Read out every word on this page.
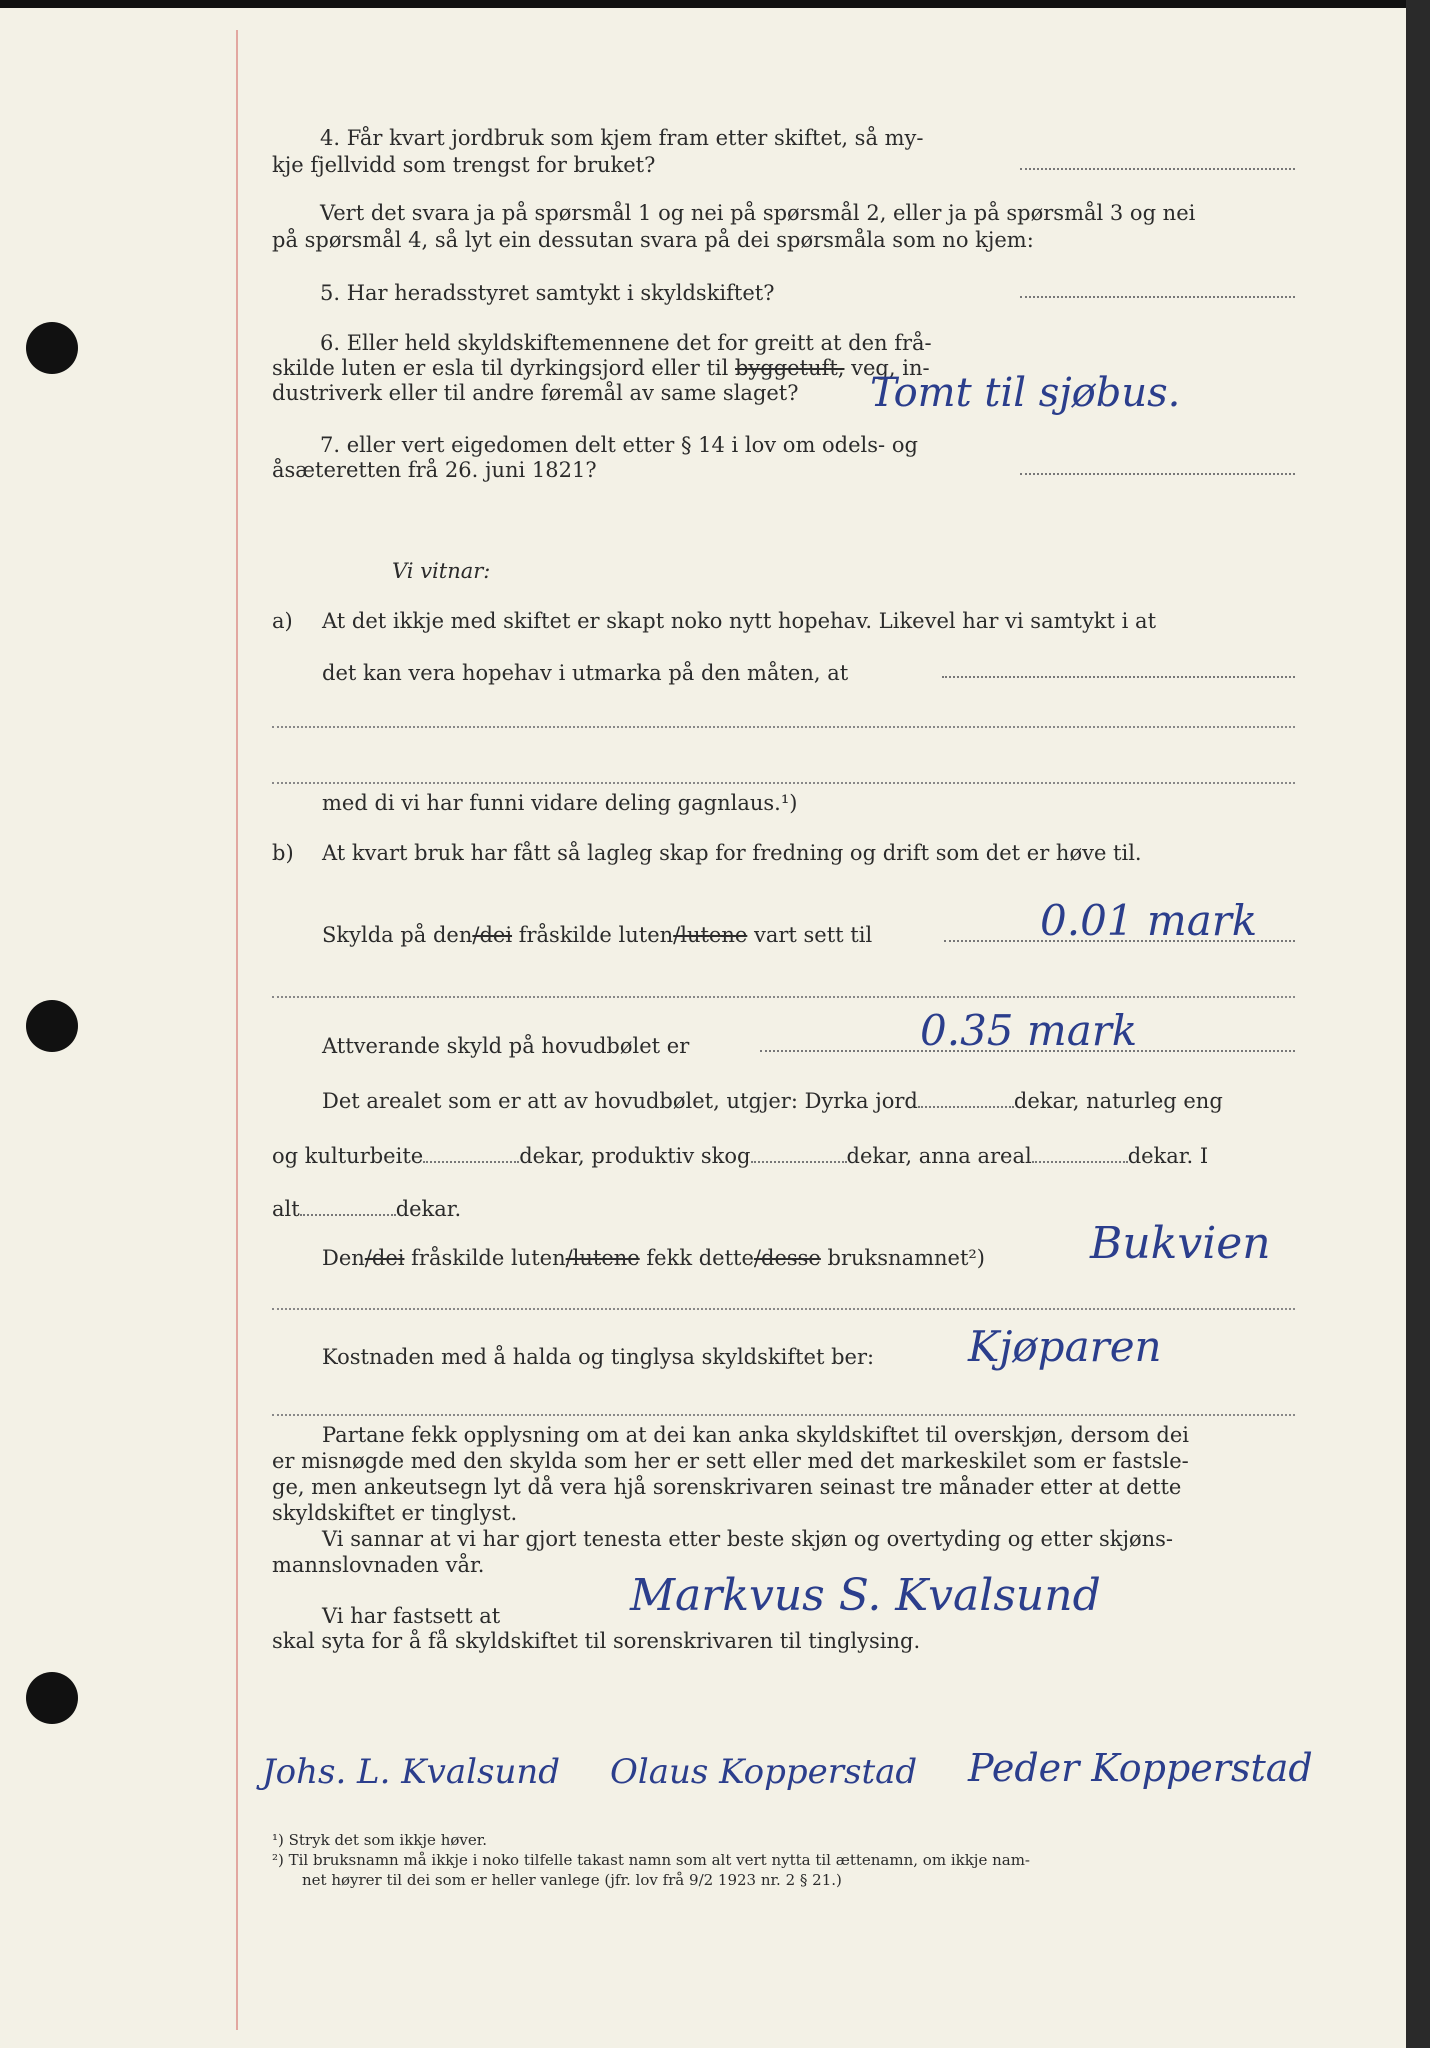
4. Får kvart jordbruk som kjem fram etter skiftet, så my-
kje fjellvidd som trengst for bruket?
Vert det svara ja på spørsmål 1 og nei på spørsmål 2, eller ja på spørsmål 3 og nei
på spørsmål 4, så lyt ein dessutan svara på dei spørsmåla som no kjem:
5. Har heradsstyret samtykt i skyldskiftet?
6. Eller held skyldskiftemennene det for greitt at den frå-
skilde luten er esla til dyrkingsjord eller til byggetuft, veg, in-
dustriverk eller til andre føremål av same slaget? Tomt til sjøbus.
7. eller vert eigedomen delt etter § 14 i lov om odels- og
åsæteretten frå 26. juni 1821?
Vi vitnar:
a) At det ikkje med skiftet er skapt noko nytt hopehav. Likevel har vi samtykt i at
det kan vera hopehav i utmarka på den måten, at
med di vi har funni vidare deling gagnlaus.¹)
b) At kvart bruk har fått så lagleg skap for fredning og drift som det er høve til.
Skylda på den/dei fråskilde luten/lutene vart sett til	0.01 mark
Attverande skyld på hovudbølet er	0.35 mark
Det arealet som er att av hovudbølet, utgjer: Dyrka jord	dekar, naturleg eng
og kulturbeite	dekar, produktiv skog	dekar, anna areal	dekar. I
alt	dekar.
Den/dei fråskilde luten/lutene fekk dette/desse bruksnamnet²) Bukvien
Kostnaden med å halda og tinglysa skyldskiftet ber: Kjøparen
Partane fekk opplysning om at dei kan anka skyldskiftet til overskjøn, dersom dei
er misnøgde med den skylda som her er sett eller med det markeskilet som er fastsle-
ge, men ankeutsegn lyt då vera hjå sorenskrivaren seinast tre månader etter at dette
skyldskiftet er tinglyst.
Vi sannar at vi har gjort tenesta etter beste skjøn og overtyding og etter skjøns-
mannslovnaden vår.
Vi har fastsett at	Markvus S. Kvalsund
skal syta for å få skyldskiftet til sorenskrivaren til tinglysing.
Johs. L. Kvalsund Olaus Kopperstad Peder Kopperstad
¹) Stryk det som ikkje høver.
²) Til bruksnamn må ikkje i noko tilfelle takast namn som alt vert nytta til ættenamn, om ikkje nam-
net høyrer til dei som er heller vanlege (jfr. lov frå 9/2 1923 nr. 2 § 21.)
